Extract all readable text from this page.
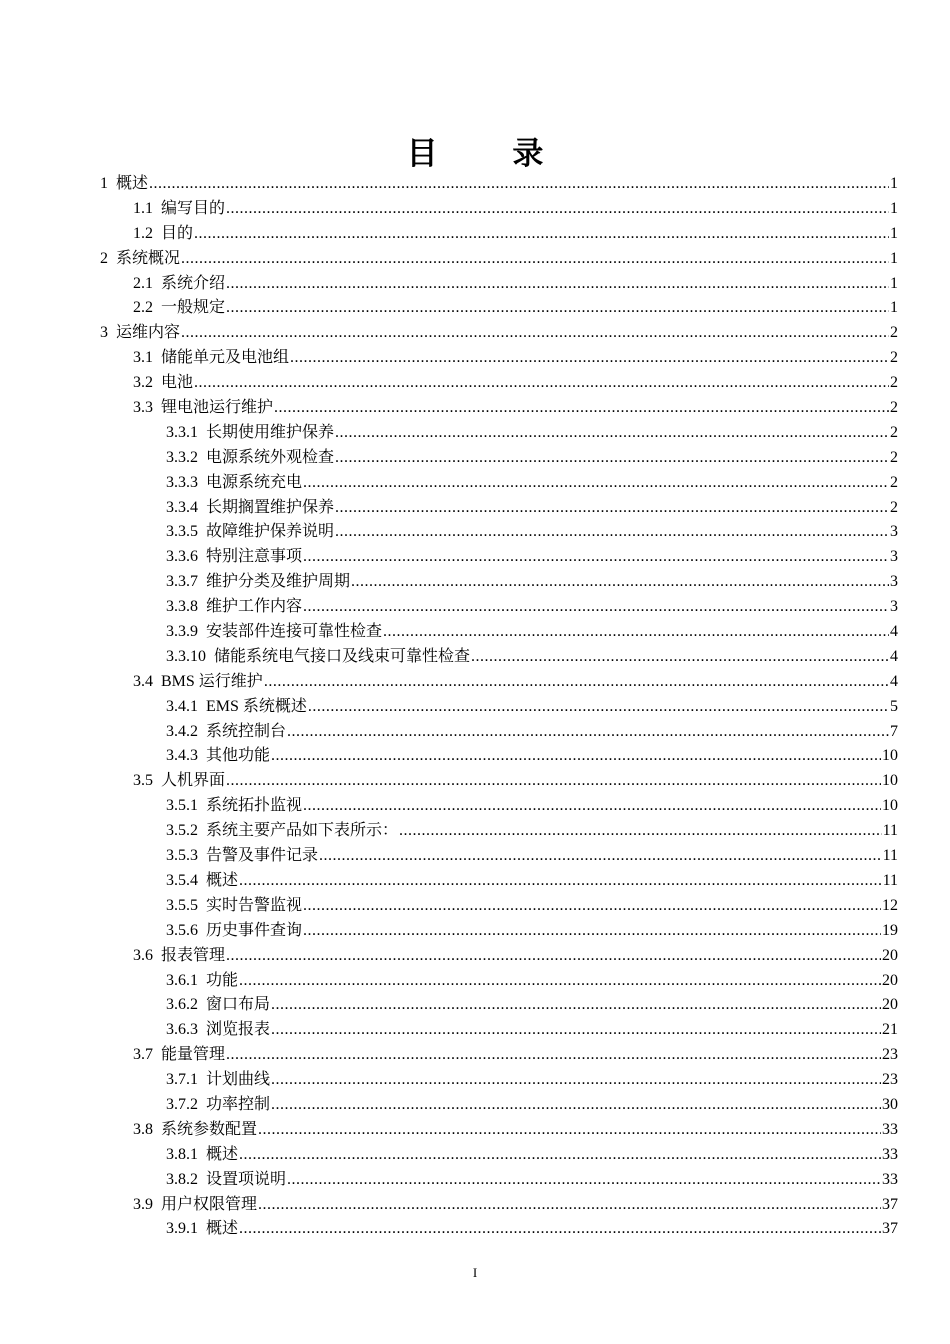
目 录
1 概述 .....	1
1.1 编写目的 .....	1
1.2 目的 .....	1
2 系统概况 .....	1
2.1 系统介绍 .....	1
2.2 一般规定 .....	1
3 运维内容 .....	2
3.1 储能单元及电池组 .....	2
3.2 电池 .....	2
3.3 锂电池运行维护 .....	2
3.3.1 长期使用维护保养 .....	2
3.3.2 电源系统外观检查 .....	2
3.3.3 电源系统充电 .....	2
3.3.4 长期搁置维护保养 .....	2
3.3.5 故障维护保养说明 .....	3
3.3.6 特别注意事项 .....	3
3.3.7 维护分类及维护周期 .....	3
3.3.8 维护工作内容 .....	3
3.3.9 安装部件连接可靠性检查 .....	4
3.3.10 储能系统电气接口及线束可靠性检查 .....	4
3.4 BMS 运行维护 .....	4
3.4.1 EMS 系统概述 .....	5
3.4.2 系统控制台 .....	7
3.4.3 其他功能 .....	10
3.5 人机界面 .....	10
3.5.1 系统拓扑监视 .....	10
3.5.2 系统主要产品如下表所示： .....	11
3.5.3 告警及事件记录 .....	11
3.5.4 概述 .....	11
3.5.5 实时告警监视 .....	12
3.5.6 历史事件查询 .....	19
3.6 报表管理 .....	20
3.6.1 功能 .....	20
3.6.2 窗口布局 .....	20
3.6.3 浏览报表 .....	21
3.7 能量管理 .....	23
3.7.1 计划曲线 .....	23
3.7.2 功率控制 .....	30
3.8 系统参数配置 .....	33
3.8.1 概述 .....	33
3.8.2 设置项说明 .....	33
3.9 用户权限管理 .....	37
3.9.1 概述 .....	37
I
